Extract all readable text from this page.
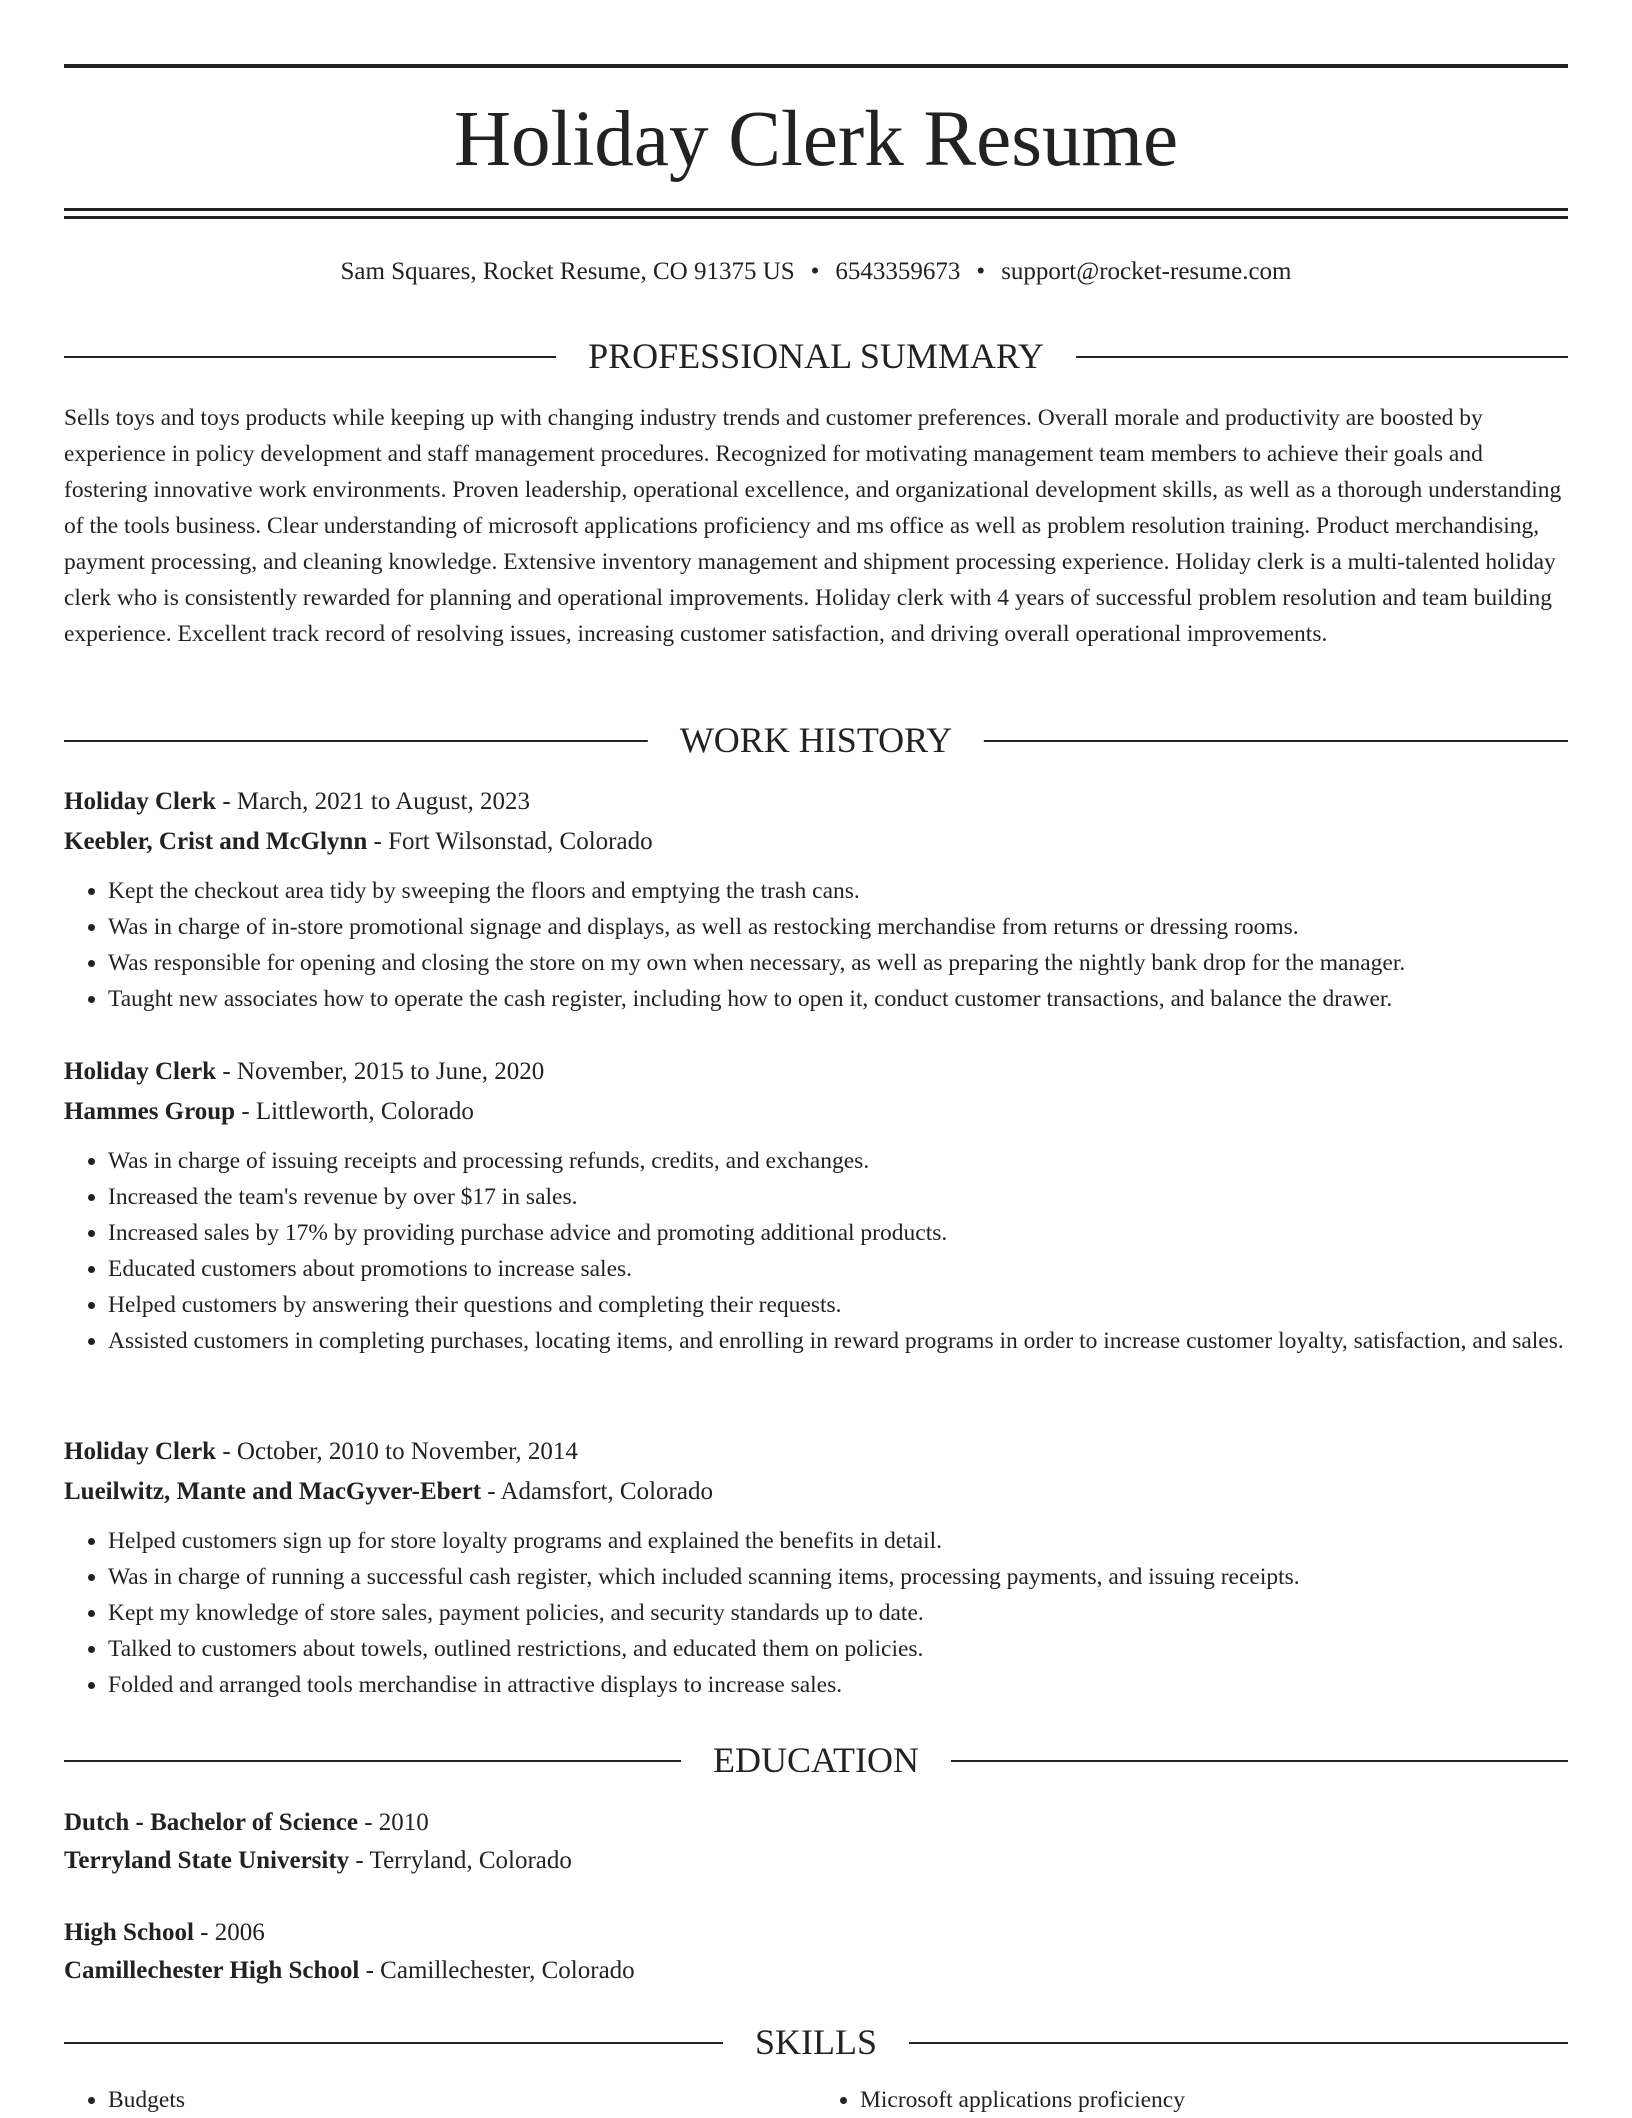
Holiday Clerk Resume
Sam Squares, Rocket Resume, CO 91375 US • 6543359673 • support@rocket-resume.com
PROFESSIONAL SUMMARY

Sells toys and toys products while keeping up with changing industry trends and customer preferences. Overall morale and productivity are boosted by experience in policy development and staff management procedures. Recognized for motivating management team members to achieve their goals and fostering innovative work environments. Proven leadership, operational excellence, and organizational development skills, as well as a thorough understanding of the tools business. Clear understanding of microsoft applications proficiency and ms office as well as problem resolution training. Product merchandising, payment processing, and cleaning knowledge. Extensive inventory management and shipment processing experience. Holiday clerk is a multi-talented holiday clerk who is consistently rewarded for planning and operational improvements. Holiday clerk with 4 years of successful problem resolution and team building experience. Excellent track record of resolving issues, increasing customer satisfaction, and driving overall operational improvements.

WORK HISTORY
Holiday Clerk - March, 2021 to August, 2023
Keebler, Crist and McGlynn - Fort Wilsonstad, Colorado
• Kept the checkout area tidy by sweeping the floors and emptying the trash cans.
• Was in charge of in-store promotional signage and displays, as well as restocking merchandise from returns or dressing rooms.
• Was responsible for opening and closing the store on my own when necessary, as well as preparing the nightly bank drop for the manager.
• Taught new associates how to operate the cash register, including how to open it, conduct customer transactions, and balance the drawer.
Holiday Clerk - November, 2015 to June, 2020
Hammes Group - Littleworth, Colorado
• Was in charge of issuing receipts and processing refunds, credits, and exchanges.
• Increased the team's revenue by over $17 in sales.
• Increased sales by 17% by providing purchase advice and promoting additional products.
• Educated customers about promotions to increase sales.
• Helped customers by answering their questions and completing their requests.
• Assisted customers in completing purchases, locating items, and enrolling in reward programs in order to increase customer loyalty, satisfaction, and sales.
Holiday Clerk - October, 2010 to November, 2014
Lueilwitz, Mante and MacGyver-Ebert - Adamsfort, Colorado
• Helped customers sign up for store loyalty programs and explained the benefits in detail.
• Was in charge of running a successful cash register, which included scanning items, processing payments, and issuing receipts.
• Kept my knowledge of store sales, payment policies, and security standards up to date.
• Talked to customers about towels, outlined restrictions, and educated them on policies.
• Folded and arranged tools merchandise in attractive displays to increase sales.
EDUCATION
Dutch - Bachelor of Science - 2010
Terryland State University - Terryland, Colorado
High School - 2006
Camillechester High School - Camillechester, Colorado
SKILLS
• Budgets
•	Microsoft applications proficiency
